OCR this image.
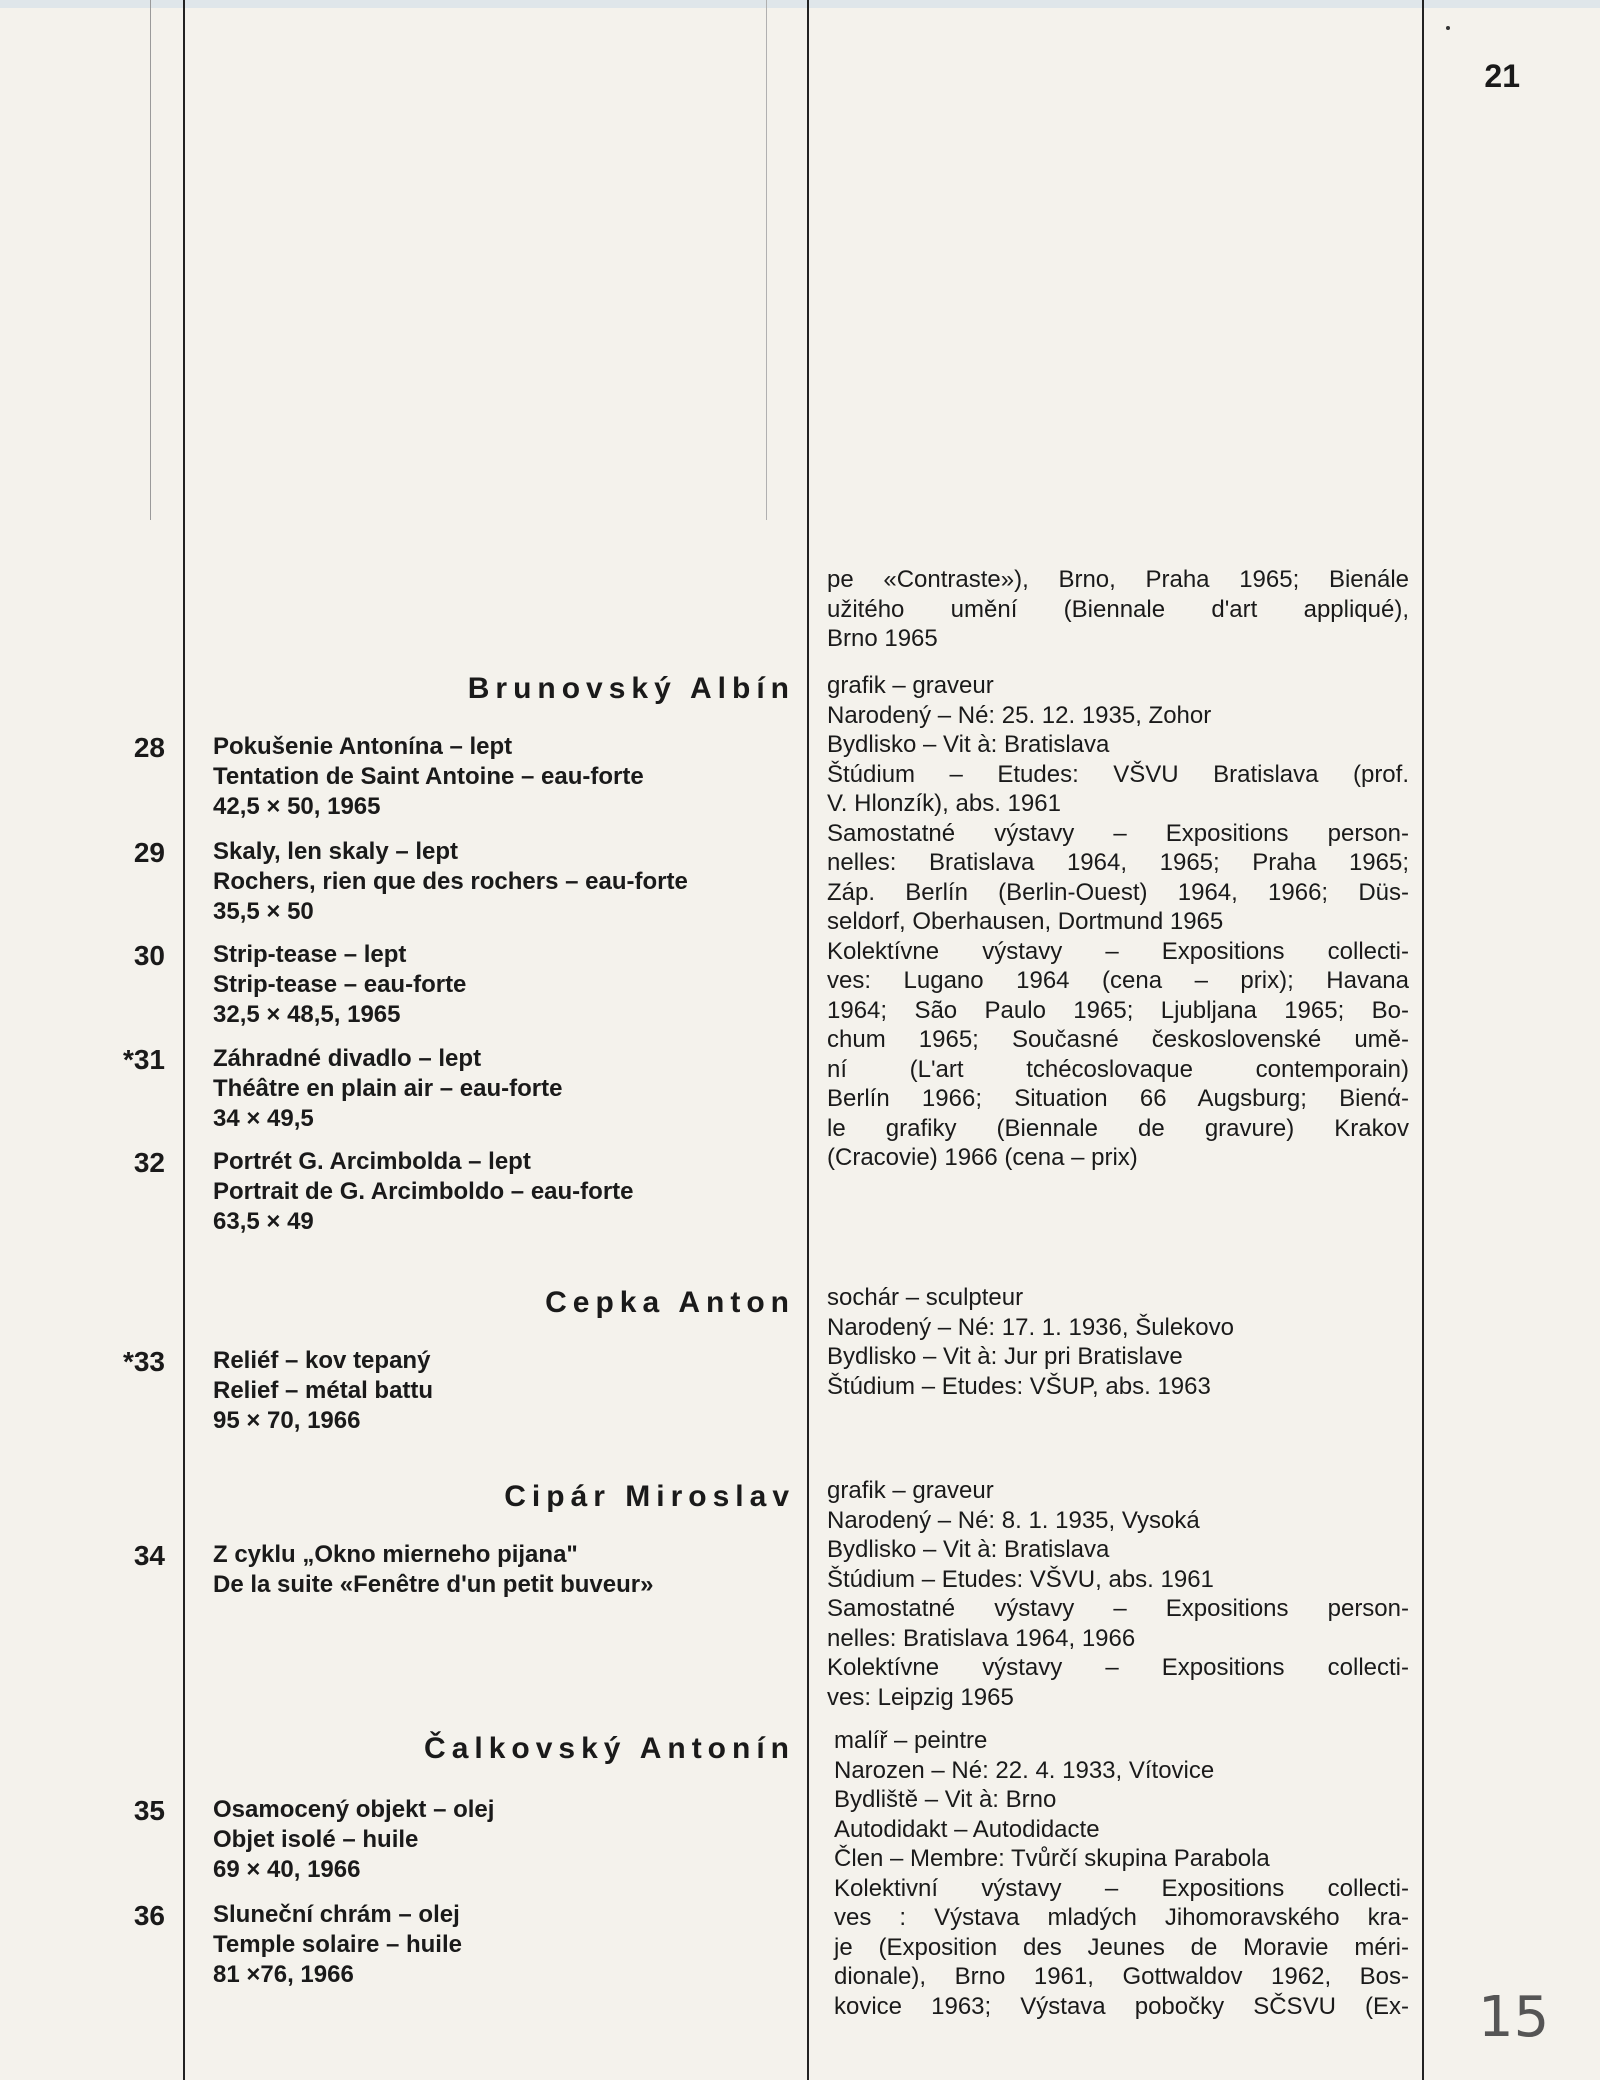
21
Brunovský Albín
Cepka Anton
Cipár Miroslav
Čalkovský Antonín
28 Pokušenie Antonína – lept
Tentation de Saint Antoine – eau-forte
42,5 × 50, 1965
29 Skaly, len skaly – lept
Rochers, rien que des rochers – eau-forte
35,5 × 50
30 Strip-tease – lept
Strip-tease – eau-forte
32,5 × 48,5, 1965
*31 Záhradné divadlo – lept
Théâtre en plain air – eau-forte
34 × 49,5
32 Portrét G. Arcimbolda – lept
Portrait de G. Arcimboldo – eau-forte
63,5 × 49
*33 Reliéf – kov tepaný
Relief – métal battu
95 × 70, 1966
34 Z cyklu „Okno mierneho pijana"
De la suite «Fenêtre d'un petit buveur»
35 Osamocený objekt – olej
Objet isolé – huile
69 × 40, 1966
36 Sluneční chrám – olej
Temple solaire – huile
81 ×76, 1966
pe «Contraste»), Brno, Praha 1965; Bienále
užitého umění (Biennale d'art appliqué),
Brno 1965
grafik – graveur
Narodený – Né: 25. 12. 1935, Zohor
Bydlisko – Vit à: Bratislava
Štúdium – Etudes: VŠVU Bratislava (prof.
V. Hlonzík), abs. 1961
Samostatné výstavy – Expositions person-
nelles: Bratislava 1964, 1965; Praha 1965;
Záp. Berlín (Berlin-Ouest) 1964, 1966; Düs-
seldorf, Oberhausen, Dortmund 1965
Kolektívne výstavy – Expositions collecti-
ves: Lugano 1964 (cena – prix); Havana
1964; São Paulo 1965; Ljubljana 1965; Bo-
chum 1965; Současné československé umě-
ní (L'art tchécoslovaque contemporain)
Berlín 1966; Situation 66 Augsburg; Bienά-
le grafiky (Biennale de gravure) Krakov
(Cracovie) 1966 (cena – prix)
sochár – sculpteur
Narodený – Né: 17. 1. 1936, Šulekovo
Bydlisko – Vit à: Jur pri Bratislave
Štúdium – Etudes: VŠUP, abs. 1963
grafik – graveur
Narodený – Né: 8. 1. 1935, Vysoká
Bydlisko – Vit à: Bratislava
Štúdium – Etudes: VŠVU, abs. 1961
Samostatné výstavy – Expositions person-
nelles: Bratislava 1964, 1966
Kolektívne výstavy – Expositions collecti-
ves: Leipzig 1965
malíř – peintre
Narozen – Né: 22. 4. 1933, Vítovice
Bydliště – Vit à: Brno
Autodidakt – Autodidacte
Člen – Membre: Tvůrčí skupina Parabola
Kolektivní výstavy – Expositions collecti-
ves : Výstava mladých Jihomoravského kra-
je (Exposition des Jeunes de Moravie méri-
dionale), Brno 1961, Gottwaldov 1962, Bos-
kovice 1963; Výstava pobočky SČSVU (Ex- 15
